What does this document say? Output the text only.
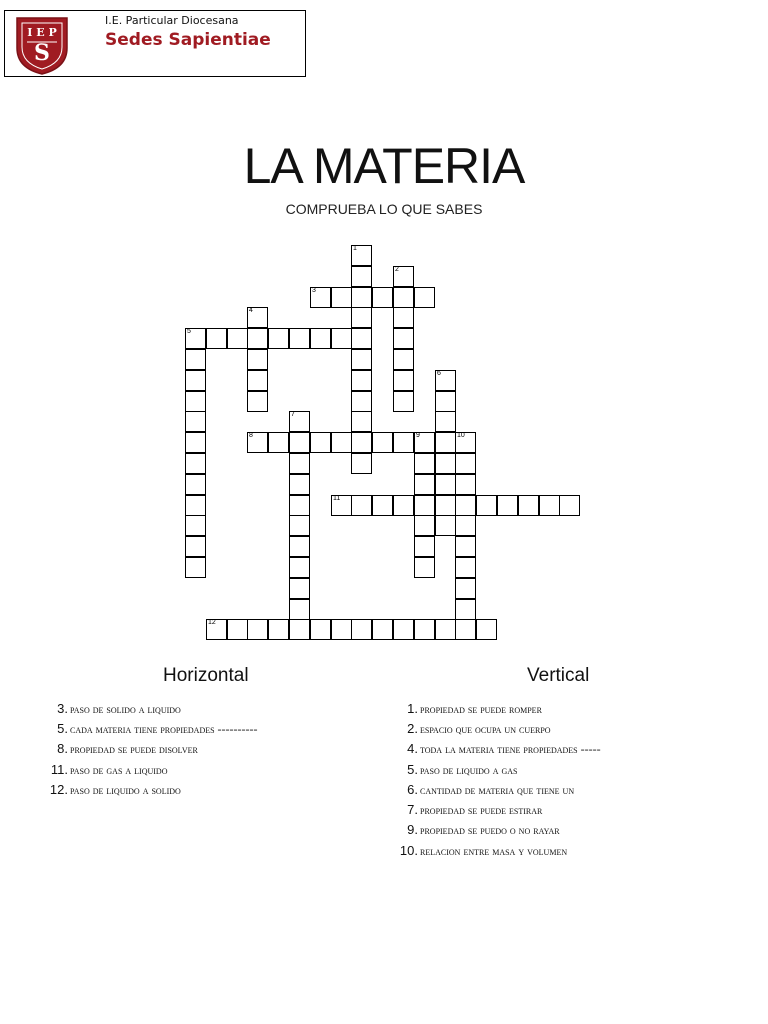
I E P
S
I.E. Particular Diocesana
Sedes Sapientiae
LA MATERIA
COMPRUEBA LO QUE SABES
1
2
3
4
5
6
7
8	9	10
11
12
Horizontal	Vertical
3. paso de solido a liquido
5. cada materia tiene propiedades ----------
8. propiedad se puede disolver
11. paso de gas a liquido
12. paso de liquido a solido
1. propiedad se puede romper
2. espacio que ocupa un cuerpo
4. toda la materia tiene propiedades -----
5. paso de liquido a gas
6. cantidad de materia que tiene un
7. propiedad se puede estirar
9. propiedad se puedo o no rayar
10. relacion entre masa y volumen
